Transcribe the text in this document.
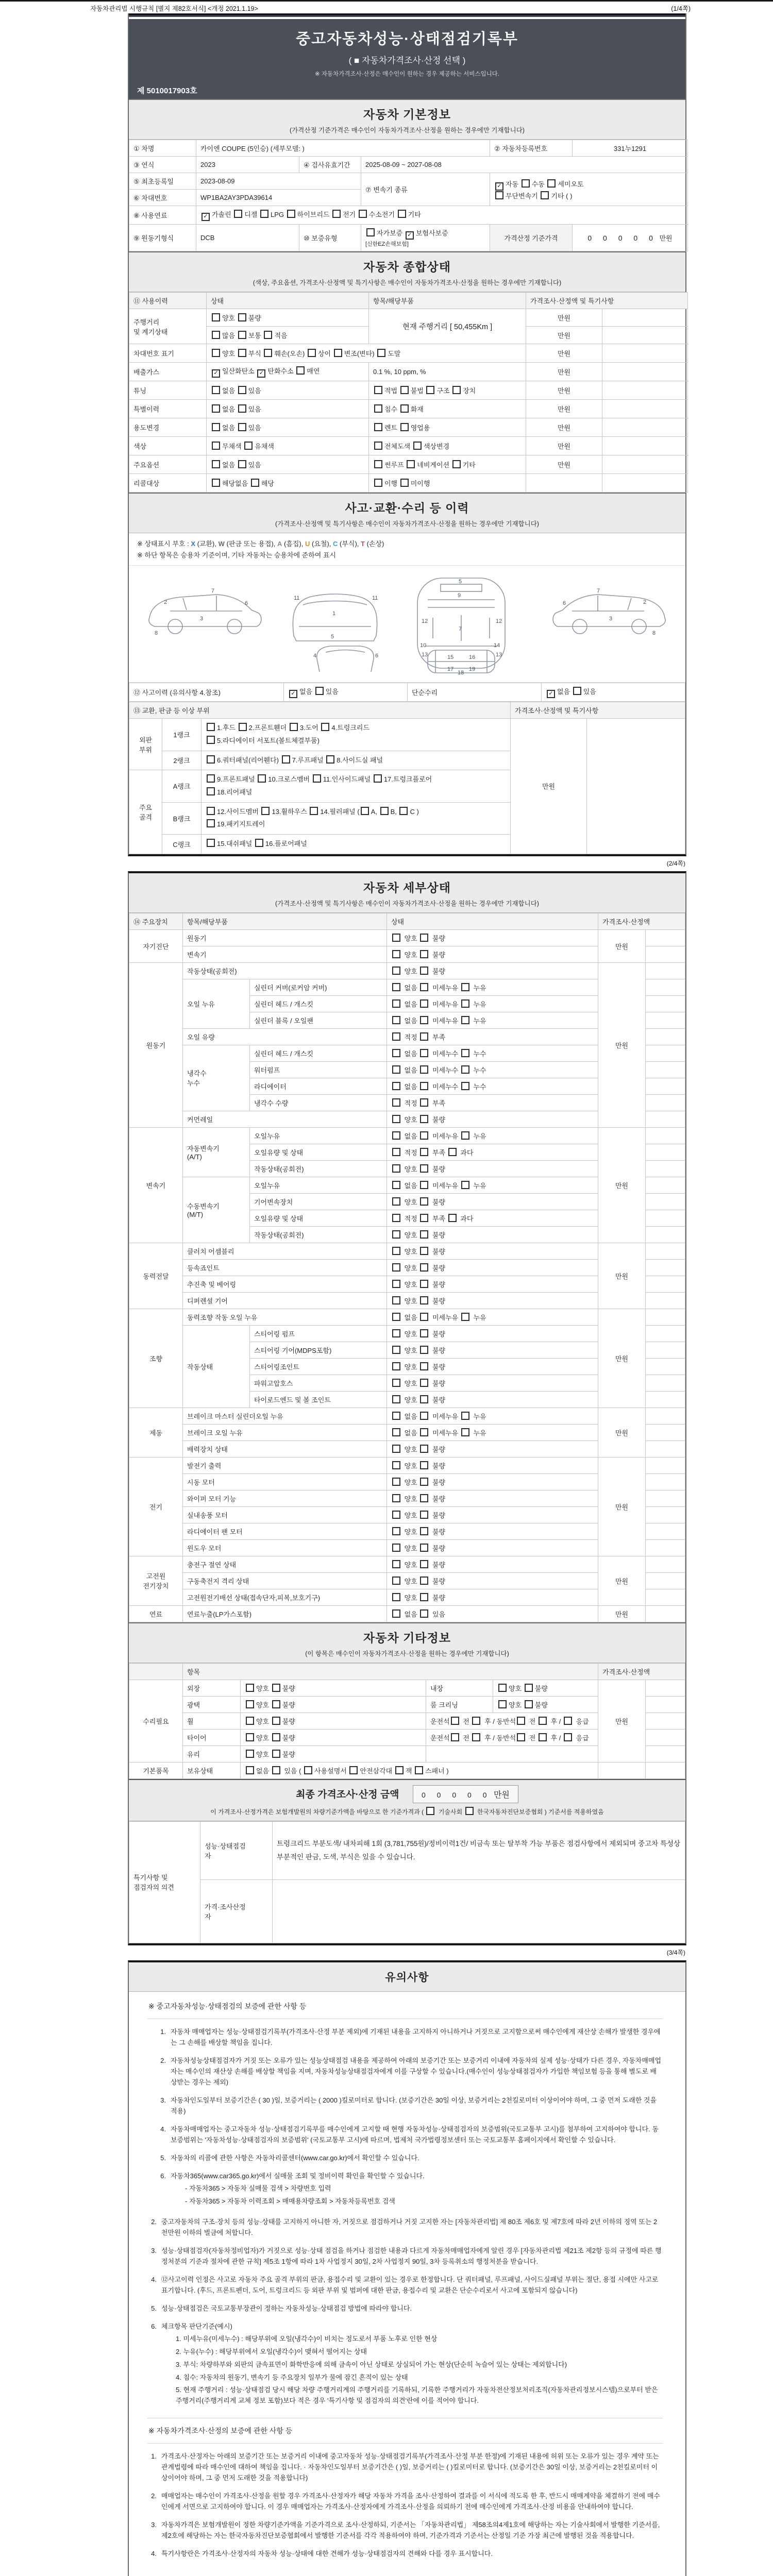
자동차관리법 시행규칙 [별지 제82호서식] <개정 2021.1.19>	(1/4쪽)
중고자동차성능·상태점검기록부
( ■ 자동차가격조사·산정 선택 )
※ 자동차가격조사·산정은 매수인이 원하는 경우 제공하는 서비스입니다.
제 5010017903호
자동차 기본정보
(가격산정 기준가격은 매수인이 자동차가격조사·산정을 원하는 경우에만 기재합니다)
① 차명	카이엔 COUPE (5인승) (세부모델: )			② 자동차등록번호	331누1291
③ 연식	2023	④ 검사유효기간	2025-08-09 ~ 2027-08-08		
⑤ 최초등록일	2023-08-09		⑦ 변속기 종류	✓ 자동 수동 세미오토
무단변속기 기타 ( )	
⑥ 차대번호	WP1BA2AY3PDA39614				
⑧ 사용연료	✓ 가솔린 디젤 LPG 하이브리드 전기 수소전기 기타				
⑨ 원동기형식	DCB	⑩ 보증유형	자가보증 ✓ 보험사보증 [신한EZ손해보험]	가격산정 기준가격	0 0 0 0 0 만원
자동차 종합상태
(색상, 주요옵션, 가격조사·산정액 및 특기사항은 매수인이 자동차가격조사·산정을 원하는 경우에만 기재합니다)
⑪ 사용이력	상태	항목/해당부품	가격조사·산정액 및 특기사항	
주행거리
및 계기상태	양호 불량	현재 주행거리 [ 50,455Km ]	만원	
	많음 보통 적음		만원	
차대번호 표기	양호 부식 훼손(오손) 상이 변조(변타) 도말		만원	
배출가스	✓ 일산화탄소 ✓ 탄화수소 매연	0.1 %, 10 ppm, %	만원	
튜닝	없음 있음	적법 불법 구조 장치	만원	
특별이력	없음 있음	침수 화재	만원	
용도변경	없음 있음	렌트 영업용	만원	
색상	무채색 유채색	전체도색 색상변경	만원	
주요옵션	없음 있음	썬루프 네비게이션 기타	만원	
리콜대상	해당없음 해당	이행 미이행		
사고·교환·수리 등 이력
(가격조사·산정액 및 특기사항은 매수인이 자동차가격조사·산정을 원하는 경우에만 기재합니다)
※ 상태표시 부호 : X (교환), W (판금 또는 용접), A (흠집), U (요철), C (부식), T (손상)
※ 하단 항목은 승용차 기준이며, 기타 자동차는 승용차에 준하여 표시
2
7
6
3
8
1
11	11
5
5
9
12	12
7
13	13
18
2
7
6
3
8
4	6	15	16
17	19
10	14
⑫ 사고이력 (유의사항 4.참조)	✓ 없음 있음	단순수리	✓ 없음 있음
⑬ 교환, 판금 등 이상 부위			가격조사·산정액 및 특기사항	
외판
부위	1랭크	1.후드 2.프론트휀더 3.도어 4.트렁크리드
5.라디에이터 서포트(볼트체결부품)	만원	
	2랭크	6.쿼터패널(리어휀다) 7.루프패널 8.사이드실 패널		
주요
골격	A랭크	9.프론트패널 10.크로스멤버 11.인사이드패널 17.트렁크플로어
18.리어패널		
	B랭크	12.사이드멤버 13.휠하우스 14.필러패널 ( A, B, C )
19.패키지트레이		
	C랭크	15.대쉬패널 16.플로어패널		
(2/4쪽)
자동차 세부상태
(가격조사·산정액 및 특기사항은 매수인이 자동차가격조사·산정을 원하는 경우에만 기재합니다)
⑭ 주요장치	항목/해당부품		상태	가격조사·산정액	
자기진단	원동기		양호  불량	만원	
	변속기		양호  불량		
원동기	작동상태(공회전)		양호  불량	만원	
	오일 누유	실린더 커버(로커암 커버)	없음  미세누유  누유		
		실린더 헤드 / 개스킷	없음  미세누유  누유		
		실린더 블록 / 오일팬	없음  미세누유  누유		
	오일 유량		적정  부족		
	냉각수
누수	실린더 헤드 / 개스킷	없음  미세누수  누수		
		워터펌프	없음  미세누수  누수		
		라디에이터	없음  미세누수  누수		
		냉각수 수량	적정  부족		
	커먼레일		양호  불량		
변속기	자동변속기
(A/T)	오일누유	없음  미세누유  누유	만원	
		오일유량 및 상태	적정  부족  과다		
		작동상태(공회전)	양호  불량		
	수동변속기
(M/T)	오일누유	없음  미세누유  누유		
		기어변속장치	양호  불량		
		오일유량 및 상태	적정  부족  과다		
		작동상태(공회전)	양호  불량		
동력전달	클러치 어셈블리		양호  불량	만원	
	등속죠인트		양호  불량		
	추진축 및 베어링		양호  불량		
	디퍼렌셜 기어		양호  불량		
조향	동력조향 작동 오일 누유		없음  미세누유  누유	만원	
	작동상태	스티어링 펌프	양호  불량		
		스티어링 기어(MDPS포함)	양호  불량		
		스티어링조인트	양호  불량		
		파워고압호스	양호  불량		
		타이로드엔드 및 볼 조인트	양호  불량		
제동	브레이크 마스터 실린더오일 누유		없음  미세누유  누유	만원	
	브레이크 오일 누유		없음  미세누유  누유		
	배력장치 상태		양호  불량		
전기	발전기 출력		양호  불량	만원	
	시동 모터		양호  불량		
	와이퍼 모터 기능		양호  불량		
	실내송풍 모터		양호  불량		
	라디에이터 팬 모터		양호  불량		
	윈도우 모터		양호  불량		
고전원
전기장치	충전구 절연 상태		양호  불량	만원	
	구동축전지 격리 상태		양호  불량		
	고전원전기배선 상태(접속단자,피복,보호기구)		양호  불량		
연료	연료누출(LP가스포함)		없음  있음	만원	
자동차 기타정보
(이 항목은 매수인이 자동차가격조사·산정을 원하는 경우에만 기재합니다)
	항목				가격조사·산정액	
수리필요	외장	양호 불량	내장	양호 불량	만원	
	광택	양호 불량	룸 크리닝	양호 불량		
	휠	양호 불량	운전석 전  후 / 동반석 전  후 /  응급			
	타이어	양호 불량	운전석 전  후 / 동반석 전  후 /  응급			
	유리	양호 불량				
기본품목	보유상태	없음  있음 ( 사용설명서 안전삼각대 잭 스패너 )				
최종 가격조사·산정 금액	0 0 0 0 0 만원
이 가격조사·산정가격은 보험개발원의 차량기준가액을 바탕으로 한 기준가격과 (  기술사회  한국자동차진단보증협회 ) 기준서를 적용하였음
특기사항 및
점검자의 의견	성능·상태점검
자	트렁크리드 부분도색/ 내차피해 1회 (3,781,755원)/정비이력1건/ 비금속 또는 탈부착 가능 부품은 점검사항에서 제외되며 중고차 특성상 부분적인 판금, 도색, 부식은 있을 수 있습니다.
	가격·조사산정
자	
(3/4쪽)
유의사항
※ 중고자동차성능·상태점검의 보증에 관한 사항 등
1. 자동차 매매업자는 성능·상태점검기록부(가격조사·산정 부분 제외)에 기재된 내용을 고지하지 아니하거나 거짓으로 고지함으로써 매수인에게 재산상 손해가 발생한 경우에는 그 손해를 배상할 책임을 집니다.
2. 자동차성능상태점검자가 거짓 또는 오류가 있는 성능상태점검 내용을 제공하여 아래의 보증기간 또는 보증거리 이내에 자동차의 실제 성능·상태가 다른 경우, 자동차매매업자는 매수인의 재산상 손해를 배상할 책임을 지며, 자동차성능상태점검자에게 이를 구상할 수 있습니다.(매수인이 성능상태점검자가 가입한 책임보험 등을 통해 별도로 배상받는 경우는 제외)
3. 자동차인도일부터 보증기간은 ( 30 )일, 보증거리는 ( 2000 )킬로미터로 합니다. (보증기간은 30일 이상, 보증거리는 2천킬로미터 이상이어야 하며, 그 중 먼저 도래한 것을 적용)
4. 자동차매매업자는 중고자동차 성능·상태점검기록부를 매수인에게 고지할 때 현행 자동차성능·상태점검자의 보증범위(국토교통부 고시)를 첨부하여 고지하여야 합니다. 동 보증범위는 '자동차성능·상태점검자의 보증범위' (국토교통부 고시)에 따르며, 법제처 국가법령정보센터 또는 국토교통부 홈페이지에서 확인할 수 있습니다.
5. 자동차의 리콜에 관한 사항은 자동차리콜센터(www.car.go.kr)에서 확인할 수 있습니다.
6. 자동차365(www.car365.go.kr)에서 실매물 조회 및 정비이력 확인을 확인할 수 있습니다.
- 자동차365 > 자동차 실매물 검색 > 차량번호 입력
- 자동차365 > 자동차 이력조회 > 매매용차량조회 > 자동차등록번호 검색
2. 중고자동차의 구조·장치 등의 성능·상태를 고지하지 아니한 자, 거짓으로 점검하거나 거짓 고지한 자는 [자동차관리법] 제 80조 제6호 및 제7호에 따라 2년 이하의 징역 또는 2천만원 이하의 벌금에 처합니다.
3. 성능·상태점검자(자동차정비업자)가 거짓으로 성능·상태 점검을 하거나 점검한 내용과 다르게 자동차매매업자에게 알린 경우 [자동차관리법 제21조 제2항 등의 규정에 따른 행정처분의 기준과 절차에 관한 규칙] 제5조 1항에 따라 1차 사업정지 30일, 2차 사업정지 90일, 3차 등록취소의 행정처분을 받습니다.
4. ⑫사고이력 인정은 사고로 자동차 주요 골격 부위의 판금, 용접수리 및 교환이 있는 경우로 한정합니다. 단 쿼터패널, 루프패널, 사이드실패널 부위는 절단, 용접 시에만 사고로 표기합니다. (후드, 프론트펜더, 도어, 트렁크리드 등 외판 부위 및 범퍼에 대한 판금, 용접수리 및 교환은 단순수리로서 사고에 포함되지 않습니다)
5. 성능·상태점검은 국토교통부장관이 정하는 자동차성능·상태점검 방법에 따라야 합니다.
6. 체크항목 판단기준(예시)
1. 미세누유(미세누수) : 해당부위에 오일(냉각수)이 비치는 정도로서 부품 노후로 인한 현상
2. 누유(누수) : 해당부위에서 오일(냉각수)이 맺혀서 떨어지는 상태
3. 부식: 차량하부와 외판의 금속표면이 화학반응에 의해 금속이 아닌 상태로 상실되어 가는 현상(단순히 녹슬어 있는 상태는 제외합니다)
4. 침수: 자동차의 원동기, 변속기 등 주요장치 일부가 물에 잠긴 흔적이 있는 상태
5. 현재 주행거리 : 성능·상태점검 당시 해당 차량 주행거리계의 주행거리를 기록하되, 기록한 주행거리가 자동차전산정보처리조직(자동차관리정보시스템)으로부터 받은 주행거리(주행거리계 교체 정보 포함)보다 적은 경우 '특기사항 및 점검자의 의견'란에 이를 적어야 합니다.
※ 자동차가격조사·산정의 보증에 관한 사항 등
1. 가격조사·산정자는 아래의 보증기간 또는 보증거리 이내에 중고자동차 성능·상태점검기록부(가격조사·산정 부분 한정)에 기재된 내용에 허위 또는 오류가 있는 경우 계약 또는 관계법령에 따라 매수인에 대하여 책임을 집니다. · 자동차인도일부터 보증기간은 ( )일, 보증거리는 ( )킬로미터로 합니다. (보증기간은 30일 이상, 보증거리는 2천킬로미터 이상이어야 하며, 그 중 먼저 도래한 것을 적용합니다)
2. 매매업자는 매수인이 가격조사·산정을 원할 경우 가격조사·산정자가 해당 자동차 가격을 조사·산정하여 결과를 이 서식에 적도록 한 후, 반드시 매매계약을 체결하기 전에 매수인에게 서면으로 고지하여야 합니다. 이 경우 매매업자는 가격조사·산정자에게 가격조사·산정을 의뢰하기 전에 매수인에게 가격조사·산정 비용을 안내하여야 합니다.
3. 자동차가격은 보험개발원이 정한 차량기준가액을 기준가격으로 조사·산정하되, 기준서는 「자동차관리법」 제58조의4제1호에 해당하는 자는 기술사회에서 발행한 기준서를, 제2호에 해당하는 자는 한국자동차진단보증협회에서 발행한 기준서를 각각 적용하여야 하며, 기준가격과 기준서는 산정일 기준 가장 최근에 발행된 것을 적용합니다.
4. 특기사항란은 가격조사·산정자의 자동차 성능·상태에 대한 견해가 성능·상태점검자의 견해와 다를 경우 표시합니다.
